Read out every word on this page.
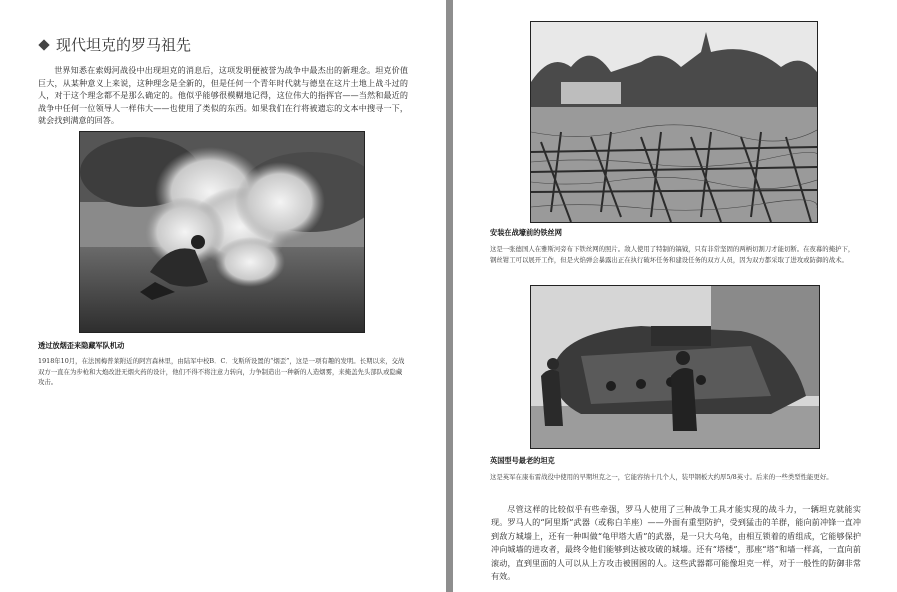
现代坦克的罗马祖先

世界知悉在索姆河战役中出现坦克的消息后，这项发明便被誉为战争中最杰出的新理念。坦克价值巨大，从某种意义上来说，这种理念是全新的，但是任何一个青年时代就与德皇在这片土地上战斗过的人，对于这个理念都不是那么确定的。他似乎能够很模糊地记得，这位伟大的指挥官——当然和最近的战争中任何一位领导人一样伟大——也使用了类似的东西。如果我们在行将被遗忘的文本中搜寻一下，就会找到满意的回答。

透过放烟歪来隐藏军队机动

1918年10月，在法国梅普莱附近的阿宫森林里，由陆军中校B．C．戈斯所设置的“烟歪”，这是一项有趣的发明。长期以来，交战双方一直在为步枪和大炮改进无烟火药的设计，他们不得不将注意力转向，力争制造出一种新的人造烟雾，来掩盖先头部队或隐藏攻击。

安装在战壕前的铁丝网

这是一张德国人在雅斯河旁布下铁丝网的照片。敌人使用了特制的镐钺，只有非常坚固的两柄切割刀才能切断。在夜幕的掩护下，钢丝钳工可以展开工作，但是火焰弹会暴露出正在执行破坏任务和建设任务的双方人员，因为双方都采取了进攻或防御的战术。

英国型号最老的坦克

这是英军在康布雷战役中使用的早期坦克之一，它能容纳十几个人，装甲钢板大约厚5/8英寸。后来的一些类型性能更好。

尽管这样的比较似乎有些牵强，罗马人使用了三种战争工具才能实现的战斗力，一辆坦克就能实现。罗马人的“阿里斯”武器（或称白羊座）——外面有重型防护，受到猛击的羊群，能向前冲锋一直冲到敌方城墙上，还有一种叫做“龟甲塔大盾”的武器，是一只大乌龟，由相互锁着的盾组成，它能够保护冲向城墙的进攻者，最终令他们能够到达被攻破的城墙。还有“塔楼”，那座“塔”和墙一样高，一直向前滚动，直到里面的人可以从上方攻击被围困的人。这些武器都可能像坦克一样，对于一般性的防御非常有效。
